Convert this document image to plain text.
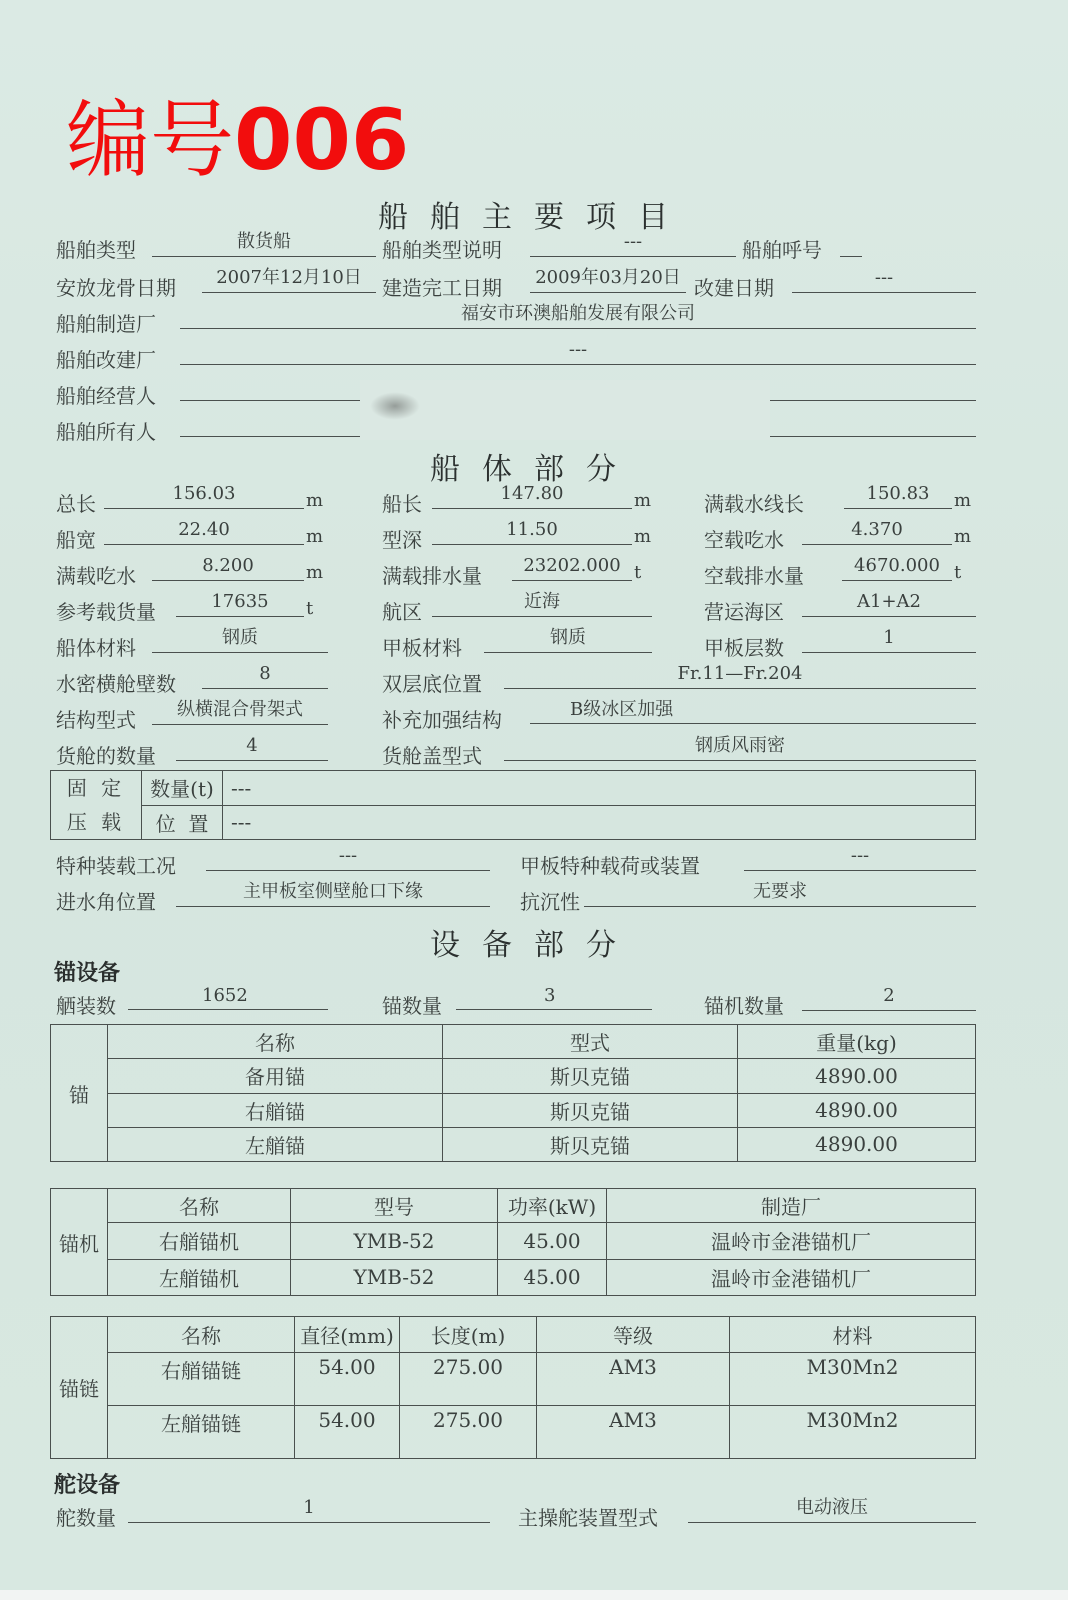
编号006
船舶主要项目
船舶类型	散货船	船舶类型说明	---	船舶呼号
安放龙骨日期	2007年12月10日	建造完工日期 2009年03月20日 改建日期	---
船舶制造厂	福安市环澳船舶发展有限公司
船舶改建厂	---
船舶经营人
船舶所有人
船体部分
总长	156.03	m	船长	147.80	m	满载水线长	150.83	m
船宽	22.40	m	型深	11.50	m	空载吃水	4.370	m
满载吃水	8.200	m	满载排水量	23202.000 t	空载排水量	4670.000 t
参考载货量	17635	t	航区	近海	营运海区	A1+A2
船体材料	钢质	甲板材料	钢质	甲板层数	1
水密横舱壁数	8	双层底位置	Fr.11—Fr.204
结构型式	纵横混合骨架式	补充加强结构	B级冰区加强
货舱的数量	4	货舱盖型式	钢质风雨密
固 定
压 载	数量(t)	---
	位  置	---
特种装载工况	---	甲板特种载荷或装置	---
进水角位置	主甲板室侧壁舱口下缘	抗沉性	无要求
设备部分
锚设备
舾装数	1652	锚数量	3	锚机数量	2
锚	名称	型式	重量(kg)
	备用锚	斯贝克锚	4890.00
	右艏锚	斯贝克锚	4890.00
	左艏锚	斯贝克锚	4890.00
锚机	名称	型号	功率(kW)	制造厂
	右艏锚机	YMB-52	45.00	温岭市金港锚机厂
	左艏锚机	YMB-52	45.00	温岭市金港锚机厂
锚链	名称	直径(mm)	长度(m)	等级	材料
	右艏锚链	54.00	275.00	AM3	M30Mn2
	左艏锚链	54.00	275.00	AM3	M30Mn2
舵设备
舵数量	1	主操舵装置型式	电动液压
